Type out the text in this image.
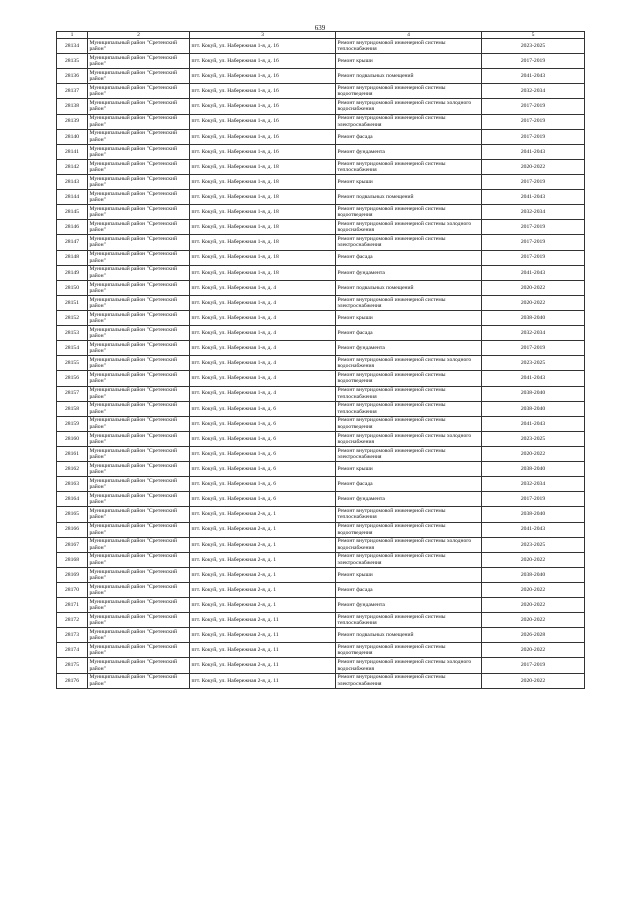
639
1	2	3	4	5
28134	Муниципальный район "Сретенский район"	пгт. Кокуй, ул. Набережная 1-я, д. 16	Ремонт внутридомовой инженерной системы теплоснабжения	2023-2025
28135	Муниципальный район "Сретенский район"	пгт. Кокуй, ул. Набережная 1-я, д. 16	Ремонт крыши	2017-2019
28136	Муниципальный район "Сретенский район"	пгт. Кокуй, ул. Набережная 1-я, д. 16	Ремонт подвальных помещений	2041-2043
28137	Муниципальный район "Сретенский район"	пгт. Кокуй, ул. Набережная 1-я, д. 16	Ремонт внутридомовой инженерной системы водоотведения	2032-2034
28138	Муниципальный район "Сретенский район"	пгт. Кокуй, ул. Набережная 1-я, д. 16	Ремонт внутридомовой инженерной системы холодного водоснабжения	2017-2019
28139	Муниципальный район "Сретенский район"	пгт. Кокуй, ул. Набережная 1-я, д. 16	Ремонт внутридомовой инженерной системы электроснабжения	2017-2019
28140	Муниципальный район "Сретенский район"	пгт. Кокуй, ул. Набережная 1-я, д. 16	Ремонт фасада	2017-2019
28141	Муниципальный район "Сретенский район"	пгт. Кокуй, ул. Набережная 1-я, д. 16	Ремонт фундамента	2041-2043
28142	Муниципальный район "Сретенский район"	пгт. Кокуй, ул. Набережная 1-я, д. 18	Ремонт внутридомовой инженерной системы теплоснабжения	2020-2022
28143	Муниципальный район "Сретенский район"	пгт. Кокуй, ул. Набережная 1-я, д. 18	Ремонт крыши	2017-2019
28144	Муниципальный район "Сретенский район"	пгт. Кокуй, ул. Набережная 1-я, д. 18	Ремонт подвальных помещений	2041-2043
28145	Муниципальный район "Сретенский район"	пгт. Кокуй, ул. Набережная 1-я, д. 18	Ремонт внутридомовой инженерной системы водоотведения	2032-2034
28146	Муниципальный район "Сретенский район"	пгт. Кокуй, ул. Набережная 1-я, д. 18	Ремонт внутридомовой инженерной системы холодного водоснабжения	2017-2019
28147	Муниципальный район "Сретенский район"	пгт. Кокуй, ул. Набережная 1-я, д. 18	Ремонт внутридомовой инженерной системы электроснабжения	2017-2019
28148	Муниципальный район "Сретенский район"	пгт. Кокуй, ул. Набережная 1-я, д. 18	Ремонт фасада	2017-2019
28149	Муниципальный район "Сретенский район"	пгт. Кокуй, ул. Набережная 1-я, д. 18	Ремонт фундамента	2041-2043
28150	Муниципальный район "Сретенский район"	пгт. Кокуй, ул. Набережная 1-я, д. 4	Ремонт подвальных помещений	2020-2022
28151	Муниципальный район "Сретенский район"	пгт. Кокуй, ул. Набережная 1-я, д. 4	Ремонт внутридомовой инженерной системы электроснабжения	2020-2022
28152	Муниципальный район "Сретенский район"	пгт. Кокуй, ул. Набережная 1-я, д. 4	Ремонт крыши	2038-2040
28153	Муниципальный район "Сретенский район"	пгт. Кокуй, ул. Набережная 1-я, д. 4	Ремонт фасада	2032-2034
28154	Муниципальный район "Сретенский район"	пгт. Кокуй, ул. Набережная 1-я, д. 4	Ремонт фундамента	2017-2019
28155	Муниципальный район "Сретенский район"	пгт. Кокуй, ул. Набережная 1-я, д. 4	Ремонт внутридомовой инженерной системы холодного водоснабжения	2023-2025
28156	Муниципальный район "Сретенский район"	пгт. Кокуй, ул. Набережная 1-я, д. 4	Ремонт внутридомовой инженерной системы водоотведения	2041-2043
28157	Муниципальный район "Сретенский район"	пгт. Кокуй, ул. Набережная 1-я, д. 4	Ремонт внутридомовой инженерной системы теплоснабжения	2038-2040
28158	Муниципальный район "Сретенский район"	пгт. Кокуй, ул. Набережная 1-я, д. 6	Ремонт внутридомовой инженерной системы теплоснабжения	2038-2040
28159	Муниципальный район "Сретенский район"	пгт. Кокуй, ул. Набережная 1-я, д. 6	Ремонт внутридомовой инженерной системы водоотведения	2041-2043
28160	Муниципальный район "Сретенский район"	пгт. Кокуй, ул. Набережная 1-я, д. 6	Ремонт внутридомовой инженерной системы холодного водоснабжения	2023-2025
28161	Муниципальный район "Сретенский район"	пгт. Кокуй, ул. Набережная 1-я, д. 6	Ремонт внутридомовой инженерной системы электроснабжения	2020-2022
28162	Муниципальный район "Сретенский район"	пгт. Кокуй, ул. Набережная 1-я, д. 6	Ремонт крыши	2038-2040
28163	Муниципальный район "Сретенский район"	пгт. Кокуй, ул. Набережная 1-я, д. 6	Ремонт фасада	2032-2034
28164	Муниципальный район "Сретенский район"	пгт. Кокуй, ул. Набережная 1-я, д. 6	Ремонт фундамента	2017-2019
28165	Муниципальный район "Сретенский район"	пгт. Кокуй, ул. Набережная 2-я, д. 1	Ремонт внутридомовой инженерной системы теплоснабжения	2038-2040
28166	Муниципальный район "Сретенский район"	пгт. Кокуй, ул. Набережная 2-я, д. 1	Ремонт внутридомовой инженерной системы водоотведения	2041-2043
28167	Муниципальный район "Сретенский район"	пгт. Кокуй, ул. Набережная 2-я, д. 1	Ремонт внутридомовой инженерной системы холодного водоснабжения	2023-2025
28168	Муниципальный район "Сретенский район"	пгт. Кокуй, ул. Набережная 2-я, д. 1	Ремонт внутридомовой инженерной системы электроснабжения	2020-2022
28169	Муниципальный район "Сретенский район"	пгт. Кокуй, ул. Набережная 2-я, д. 1	Ремонт крыши	2038-2040
28170	Муниципальный район "Сретенский район"	пгт. Кокуй, ул. Набережная 2-я, д. 1	Ремонт фасада	2020-2022
28171	Муниципальный район "Сретенский район"	пгт. Кокуй, ул. Набережная 2-я, д. 1	Ремонт фундамента	2020-2022
28172	Муниципальный район "Сретенский район"	пгт. Кокуй, ул. Набережная 2-я, д. 11	Ремонт внутридомовой инженерной системы теплоснабжения	2020-2022
28173	Муниципальный район "Сретенский район"	пгт. Кокуй, ул. Набережная 2-я, д. 11	Ремонт подвальных помещений	2026-2028
28174	Муниципальный район "Сретенский район"	пгт. Кокуй, ул. Набережная 2-я, д. 11	Ремонт внутридомовой инженерной системы водоотведения	2020-2022
28175	Муниципальный район "Сретенский район"	пгт. Кокуй, ул. Набережная 2-я, д. 11	Ремонт внутридомовой инженерной системы холодного водоснабжения	2017-2019
28176	Муниципальный район "Сретенский район"	пгт. Кокуй, ул. Набережная 2-я, д. 11	Ремонт внутридомовой инженерной системы электроснабжения	2020-2022
